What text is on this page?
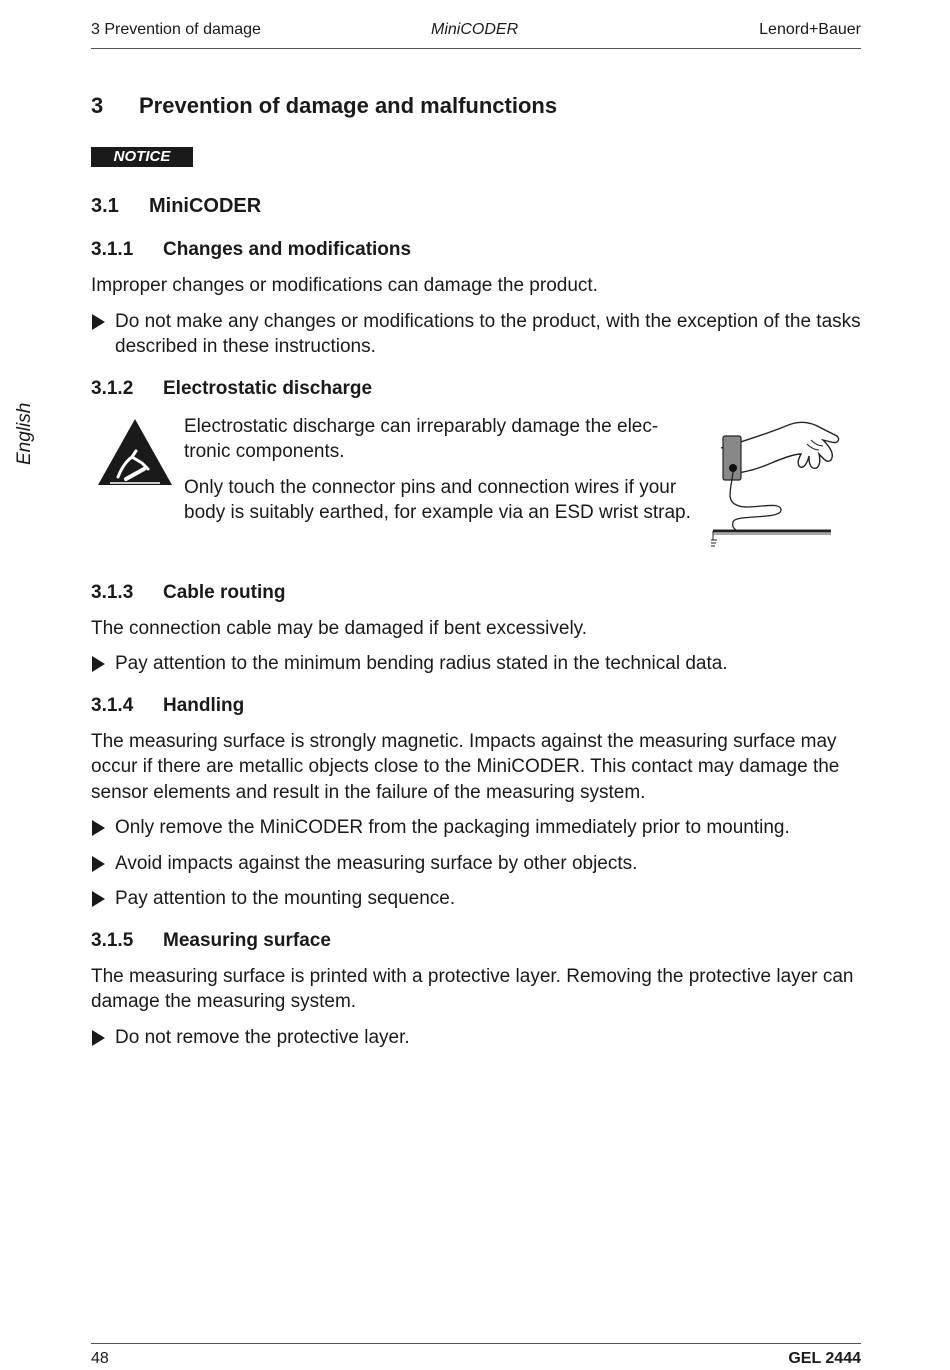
3 Prevention of damage	MiniCODER	Lenord+Bauer
English
3 Prevention of damage and malfunctions
NOTICE
3.1 MiniCODER
3.1.1 Changes and modifications

Improper changes or modifications can damage the product.

Do not make any changes or modifications to the product, with the exception of the tasks described in these instructions.
3.1.2 Electrostatic discharge

Electrostatic discharge can irreparably damage the elec-tronic components.

Only touch the connector pins and connection wires if your body is suitably earthed, for example via an ESD wrist strap.

3.1.3 Cable routing

The connection cable may be damaged if bent excessively.

Pay attention to the minimum bending radius stated in the technical data.
3.1.4 Handling

The measuring surface is strongly magnetic. Impacts against the measuring surface may occur if there are metallic objects close to the MiniCODER. This contact may damage the sensor elements and result in the failure of the measuring system.

Only remove the MiniCODER from the packaging immediately prior to mounting.
Avoid impacts against the measuring surface by other objects.
Pay attention to the mounting sequence.
3.1.5 Measuring surface

The measuring surface is printed with a protective layer. Removing the protective layer can damage the measuring system.

Do not remove the protective layer.
48	GEL 2444
